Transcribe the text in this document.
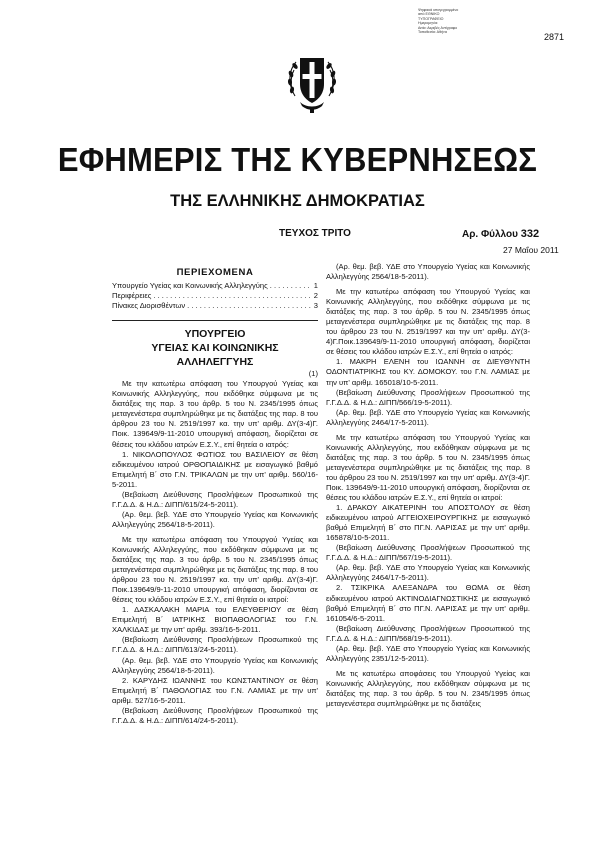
Ψηφιακά υπογεγραμμένο
από ΕΘΝΙΚΟ
ΤΥΠΟΓΡΑΦΕΙΟ
Ημερομηνία:
Αιτία: Ακριβές Αντίγραφο
Τοποθεσία: Αθήνα	2871
ΕΦΗΜΕΡΙΣ ΤΗΣ ΚΥΒΕΡΝΗΣΕΩΣ
ΤΗΣ ΕΛΛΗΝΙΚΗΣ ΔΗΜΟΚΡΑΤΙΑΣ
ΤΕΥΧΟΣ ΤΡΙΤΟ	Αρ. Φύλλου 332
27 Μαΐου 2011
ΠΕΡΙΕΧΟΜΕΝΑ
Υπουργείο Υγείας και Κοινωνικής Αλληλεγγύης . . .	1
Περιφέρειες . . .	2
Πίνακες Διορισθέντων . . .	3
ΥΠΟΥΡΓΕΙΟ
ΥΓΕΙΑΣ ΚΑΙ ΚΟΙΝΩΝΙΚΗΣ ΑΛΛΗΛΕΓΓΥΗΣ

(1)

Με την κατωτέρω απόφαση του Υπουργού Υγείας και Κοινωνικής Αλληλεγγύης, που εκδόθηκε σύμφωνα με τις διατάξεις της παρ. 3 του άρθρ. 5 του Ν. 2345/1995 όπως μεταγενέστερα συμπληρώθηκε με τις διατάξεις της παρ. 8 του άρθρου 23 του Ν. 2519/1997 κα. την υπ' αριθμ. ΔΥ(3-4)Γ. Ποικ. 139649/9-11-2010 υπουργική απόφαση, διορίζεται σε θέσεις του κλάδου ιατρών Ε.Σ.Υ., επί θητεία ο ιατρός:

1. ΝΙΚΟΛΟΠΟΥΛΟΣ ΦΩΤΙΟΣ του ΒΑΣΙΛΕΙΟΥ σε θέση ειδικευμένου ιατρού ΟΡΘΟΠΑΙΔΙΚΗΣ με εισαγωγικό βαθμό Επιμελητή Β΄ στο Γ.Ν. ΤΡΙΚΑΛΩΝ με την υπ' αριθμ. 560/16-5-2011.

(Βεβαίωση Διεύθυνσης Προσλήψεων Προσωπικού της Γ.Γ.Δ.Δ. & Η.Δ.: ΔΙΠΠ/615/24-5-2011).

(Αρ. θεμ. βεβ. ΥΔΕ στο Υπουργείο Υγείας και Κοινωνικής Αλληλεγγύης 2564/18-5-2011).

Με την κατωτέρω απόφαση του Υπουργού Υγείας και Κοινωνικής Αλληλεγγύης, που εκδόθηκαν σύμφωνα με τις διατάξεις της παρ. 3 του άρθρ. 5 του Ν. 2345/1995 όπως μεταγενέστερα συμπληρώθηκε με τις διατάξεις της παρ. 8 του άρθρου 23 του Ν. 2519/1997 κα. την υπ' αριθμ. ΔΥ(3-4)Γ. Ποικ.139649/9-11-2010 υπουργική απόφαση, διορίζονται σε θέσεις του κλάδου ιατρών Ε.Σ.Υ., επί θητεία οι ιατροί:

1. ΔΑΣΚΑΛΑΚΗ ΜΑΡΙΑ του ΕΛΕΥΘΕΡΙΟΥ σε θέση Επιμελητή Β΄ ΙΑΤΡΙΚΗΣ ΒΙΟΠΑΘΟΛΟΓΙΑΣ του Γ.Ν. ΧΑΛΚΙΔΑΣ με την υπ' αριθμ. 393/16-5-2011.

(Βεβαίωση Διεύθυνσης Προσλήψεων Προσωπικού της Γ.Γ.Δ.Δ. & Η.Δ.: ΔΙΠΠ/613/24-5-2011).

(Αρ. θεμ. βεβ. ΥΔΕ στο Υπουργείο Υγείας και Κοινωνικής Αλληλεγγύης 2564/18-5-2011).

2. ΚΑΡΥΔΗΣ ΙΩΑΝΝΗΣ του ΚΩΝΣΤΑΝΤΙΝΟΥ σε θέση Επιμελητή Β΄ ΠΑΘΟΛΟΓΙΑΣ του Γ.Ν. ΛΑΜΙΑΣ με την υπ' αριθμ. 527/16-5-2011.

(Βεβαίωση Διεύθυνσης Προσλήψεων Προσωπικού της Γ.Γ.Δ.Δ. & Η.Δ.: ΔΙΠΠ/614/24-5-2011).

(Αρ. θεμ. βεβ. ΥΔΕ στο Υπουργείο Υγείας και Κοινωνικής Αλληλεγγύης 2564/18-5-2011).

Με την κατωτέρω απόφαση του Υπουργού Υγείας και Κοινωνικής Αλληλεγγύης, που εκδόθηκε σύμφωνα με τις διατάξεις της παρ. 3 του άρθρ. 5 του Ν. 2345/1995 όπως μεταγενέστερα συμπληρώθηκε με τις διατάξεις της παρ. 8 του άρθρου 23 του Ν. 2519/1997 και την υπ' αριθμ. ΔΥ(3-4)Γ.Ποικ.139649/9-11-2010 υπουργική απόφαση, διορίζεται σε θέσεις του κλάδου ιατρών Ε.Σ.Υ., επί θητεία ο ιατρός:

1. ΜΑΚΡΗ ΕΛΕΝΗ του ΙΩΑΝΝΗ σε ΔΙΕΥΘΥΝΤΗ ΟΔΟΝΤΙΑΤΡΙΚΗΣ του ΚΥ. ΔΟΜΟΚΟΥ. του Γ.Ν. ΛΑΜΙΑΣ με την υπ' αριθμ. 165018/10-5-2011.

(Βεβαίωση Διεύθυνσης Προσλήψεων Προσωπικού της Γ.Γ.Δ.Δ. & Η.Δ.: ΔΙΠΠ/566/19-5-2011).

(Αρ. θεμ. βεβ. ΥΔΕ στο Υπουργείο Υγείας και Κοινωνικής Αλληλεγγύης 2464/17-5-2011).

Με την κατωτέρω απόφαση του Υπουργού Υγείας και Κοινωνικής Αλληλεγγύης, που εκδόθηκαν σύμφωνα με τις διατάξεις της παρ. 3 του άρθρ. 5 του Ν. 2345/1995 όπως μεταγενέστερα συμπληρώθηκε με τις διατάξεις της παρ. 8 του άρθρου 23 του Ν. 2519/1997 και την υπ' αριθμ. ΔΥ(3-4)Γ. Ποικ. 139649/9-11-2010 υπουργική απόφαση, διορίζονται σε θέσεις του κλάδου ιατρών Ε.Σ.Υ., επί θητεία οι ιατροί:

1. ΔΡΑΚΟΥ ΑΙΚΑΤΕΡΙΝΗ του ΑΠΟΣΤΟΛΟΥ σε θέση ειδικευμένου ιατρού ΑΓΓΕΙΟΧΕΙΡΟΥΡΓΙΚΗΣ με εισαγωγικό βαθμό Επιμελητή Β΄ στο ΠΓ.Ν. ΛΑΡΙΣΑΣ με την υπ' αριθμ. 165878/10-5-2011.

(Βεβαίωση Διεύθυνσης Προσλήψεων Προσωπικού της Γ.Γ.Δ.Δ. & Η.Δ.: ΔΙΠΠ/567/19-5-2011).

(Αρ. θεμ. βεβ. ΥΔΕ στο Υπουργείο Υγείας και Κοινωνικής Αλληλεγγύης 2464/17-5-2011).

2. ΤΣΙΚΡΙΚΑ ΑΛΕΞΑΝΔΡΑ του ΘΩΜΑ σε θέση ειδικευμένου ιατρού ΑΚΤΙΝΟΔΙΑΓΝΩΣΤΙΚΗΣ με εισαγωγικό βαθμό Επιμελητή Β΄ στο ΠΓ.Ν. ΛΑΡΙΣΑΣ με την υπ' αριθμ. 161054/6-5-2011.

(Βεβαίωση Διεύθυνσης Προσλήψεων Προσωπικού της Γ.Γ.Δ.Δ. & Η.Δ.: ΔΙΠΠ/568/19-5-2011).

(Αρ. θεμ. βεβ. ΥΔΕ στο Υπουργείο Υγείας και Κοινωνικής Αλληλεγγύης 2351/12-5-2011).

Με τις κατωτέρω αποφάσεις του Υπουργού Υγείας και Κοινωνικής Αλληλεγγύης, που εκδόθηκαν σύμφωνα με τις διατάξεις της παρ. 3 του άρθρ. 5 του Ν. 2345/1995 όπως μεταγενέστερα συμπληρώθηκε με τις διατάξεις
